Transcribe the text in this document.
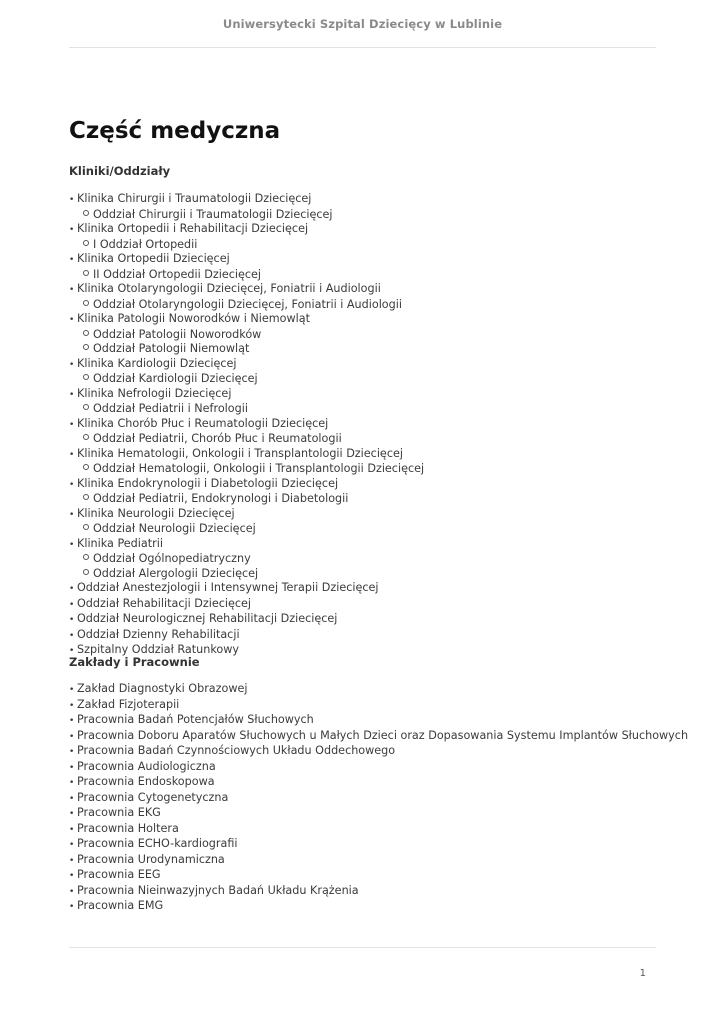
Uniwersytecki Szpital Dziecięcy w Lublinie
Część medyczna
Kliniki/Oddziały
• Klinika Chirurgii i Traumatologii Dziecięcej
Oddział Chirurgii i Traumatologii Dziecięcej
• Klinika Ortopedii i Rehabilitacji Dziecięcej
I Oddział Ortopedii
• Klinika Ortopedii Dziecięcej
II Oddział Ortopedii Dziecięcej
• Klinika Otolaryngologii Dziecięcej, Foniatrii i Audiologii
Oddział Otolaryngologii Dziecięcej, Foniatrii i Audiologii
• Klinika Patologii Noworodków i Niemowląt
Oddział Patologii Noworodków
Oddział Patologii Niemowląt
• Klinika Kardiologii Dziecięcej
Oddział Kardiologii Dziecięcej
• Klinika Nefrologii Dziecięcej
Oddział Pediatrii i Nefrologii
• Klinika Chorób Płuc i Reumatologii Dziecięcej
Oddział Pediatrii, Chorób Płuc i Reumatologii
• Klinika Hematologii, Onkologii i Transplantologii Dziecięcej
Oddział Hematologii, Onkologii i Transplantologii Dziecięcej
• Klinika Endokrynologii i Diabetologii Dziecięcej
Oddział Pediatrii, Endokrynologi i Diabetologii
• Klinika Neurologii Dziecięcej
Oddział Neurologii Dziecięcej
• Klinika Pediatrii
Oddział Ogólnopediatryczny
Oddział Alergologii Dziecięcej
• Oddział Anestezjologii i Intensywnej Terapii Dziecięcej
• Oddział Rehabilitacji Dziecięcej
• Oddział Neurologicznej Rehabilitacji Dziecięcej
• Oddział Dzienny Rehabilitacji
• Szpitalny Oddział Ratunkowy
Zakłady i Pracownie
• Zakład Diagnostyki Obrazowej
• Zakład Fizjoterapii
• Pracownia Badań Potencjałów Słuchowych
• Pracownia Doboru Aparatów Słuchowych u Małych Dzieci oraz Dopasowania Systemu Implantów Słuchowych
• Pracownia Badań Czynnościowych Układu Oddechowego
• Pracownia Audiologiczna
• Pracownia Endoskopowa
• Pracownia Cytogenetyczna
• Pracownia EKG
• Pracownia Holtera
• Pracownia ECHO-kardiografii
• Pracownia Urodynamiczna
• Pracownia EEG
• Pracownia Nieinwazyjnych Badań Układu Krążenia
• Pracownia EMG
1
